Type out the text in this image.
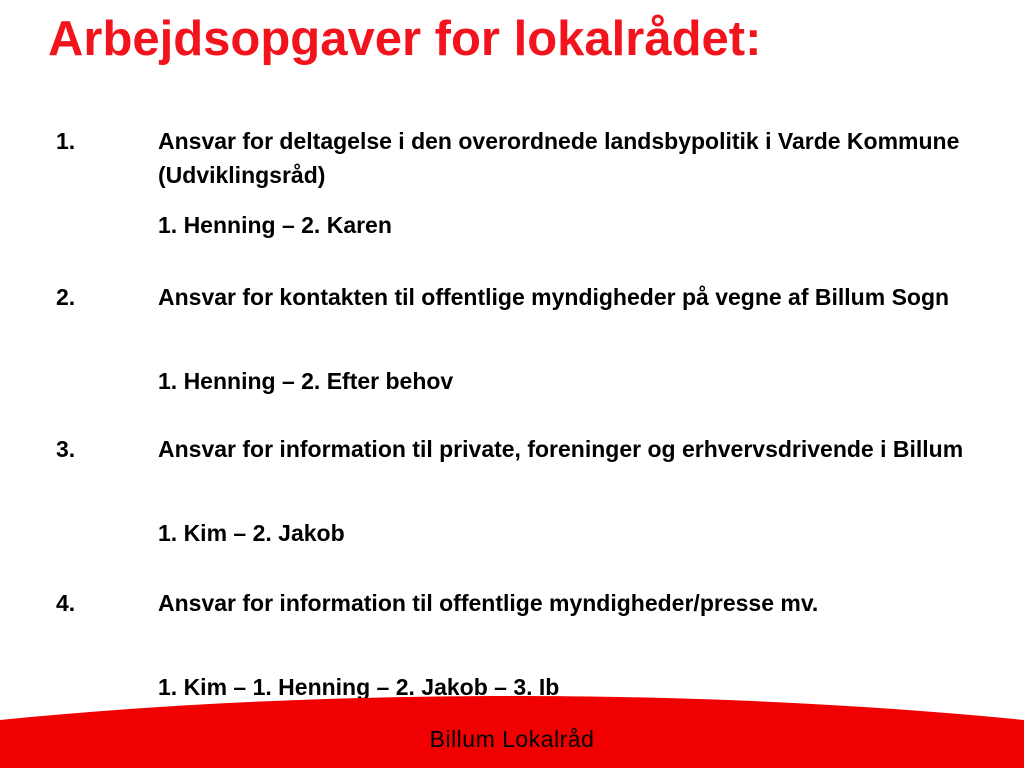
Arbejdsopgaver for lokalrådet:
1.	Ansvar for deltagelse i den overordnede landsbypolitik i Varde Kommune (Udviklingsråd)
1. Henning – 2. Karen
2.	Ansvar for kontakten til offentlige myndigheder på vegne af Billum Sogn
1. Henning – 2. Efter behov
3.	Ansvar for information til private, foreninger og erhvervsdrivende i Billum
1. Kim – 2. Jakob
4.	Ansvar for information til offentlige myndigheder/presse mv.
1. Kim – 1. Henning – 2. Jakob – 3. Ib
Billum Lokalråd
